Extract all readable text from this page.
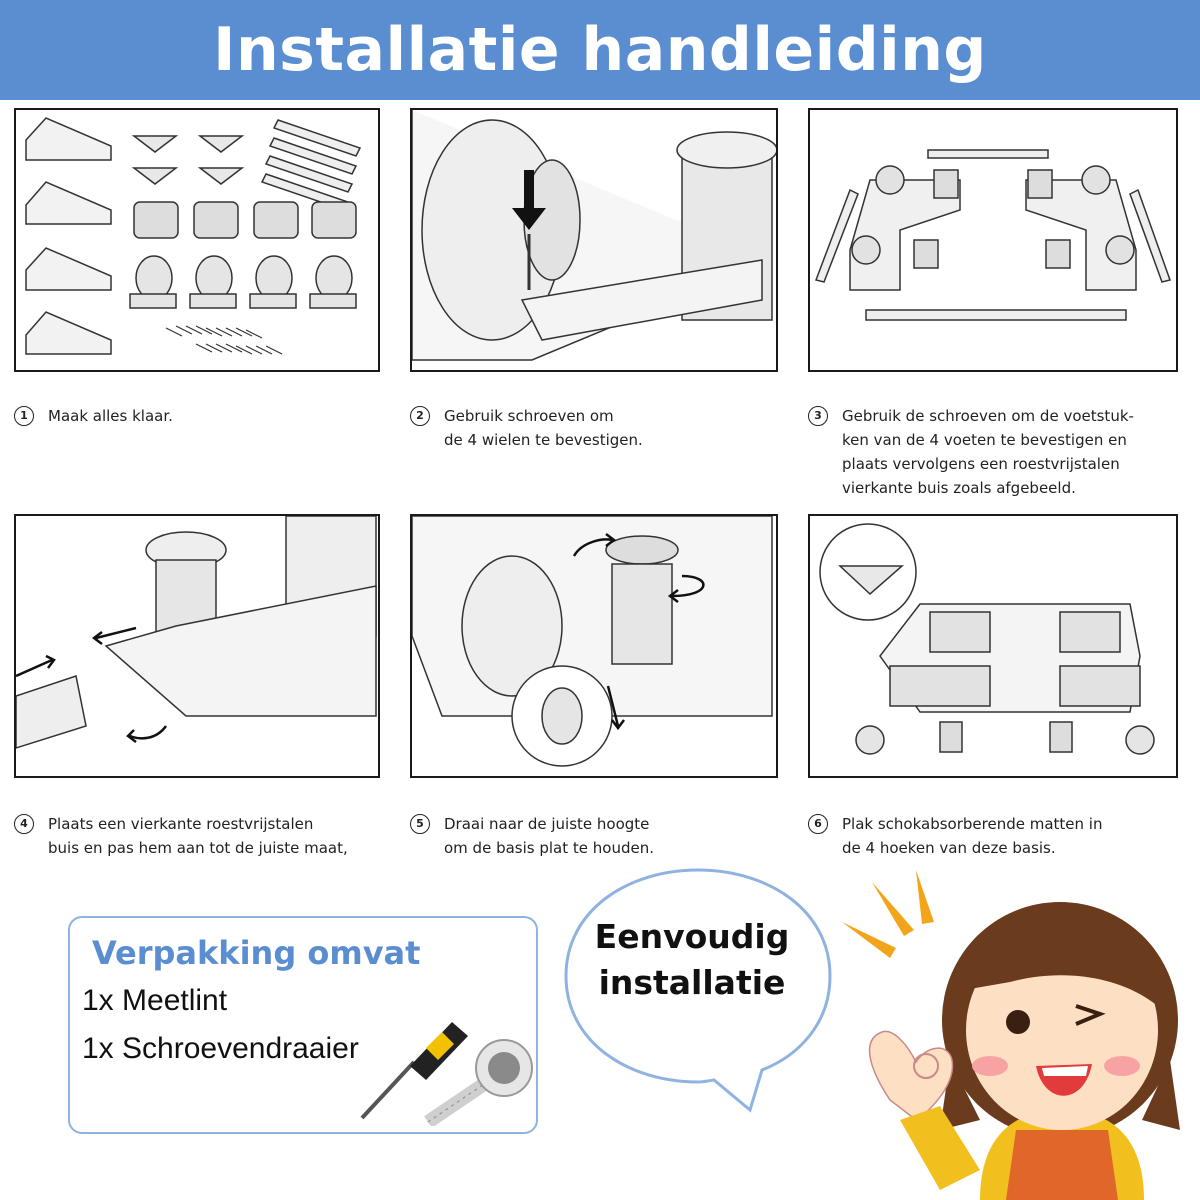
Installatie handleiding
1	Maak alles klaar.	2	Gebruik schroeven om
de 4 wielen te bevestigen.
3	Gebruik de schroeven om de voetstuk-
ken van de 4 voeten te bevestigen en
plaats vervolgens een roestvrijstalen
vierkante buis zoals afgebeeld.
4	Plaats een vierkante roestvrijstalen
buis en pas hem aan tot de juiste maat,
5	Draai naar de juiste hoogte
om de basis plat te houden.
6	Plak schokabsorberende matten in
de 4 hoeken van deze basis.
Verpakking omvat
1x Meetlint
1x Schroevendraaier
Eenvoudig
installatie
